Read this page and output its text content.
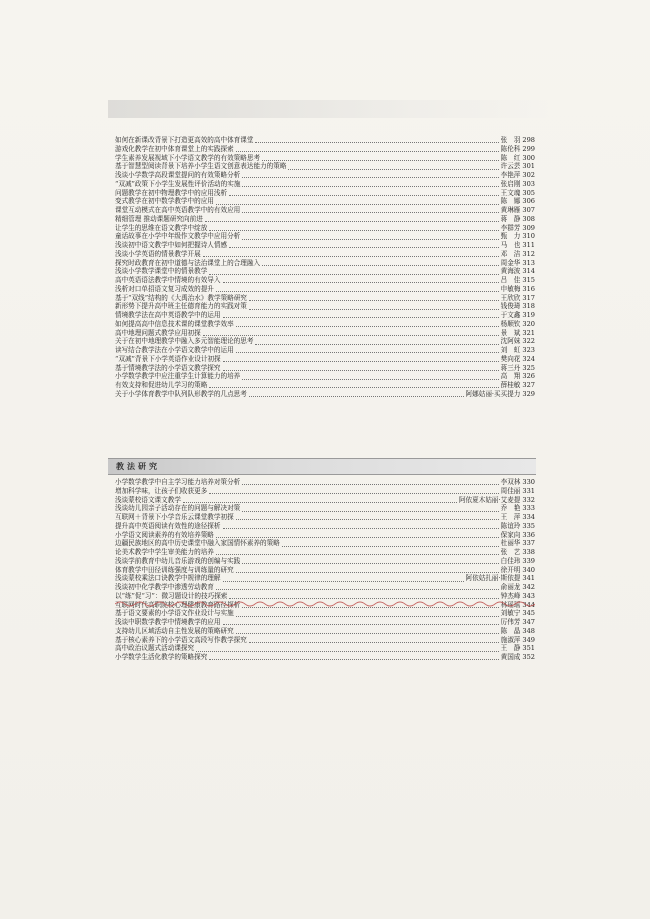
如何在新课改背景下打造更高效的高中体育课堂	张　羽 298
游戏化教学在初中体育课堂上的实践探索	陈伦科 299
学生素养发展视域下小学语文教学的有效策略思考	陈　红 300
基于智慧型阅读背景下培养小学生语文创意表达能力的策略	许云芸 301
浅谈小学数学高段课堂提问的有效策略分析	李艳萍 302
“双减”政策下小学生发展性评价活动的实施	张启刚 303
问题教学在初中物理教学中的应用浅析	王文魂 305
变式教学在初中数学教学中的应用	陈　娜 306
课堂互动模式在高中英语教学中的有效应用	黄琳雁 307
精细管理 推动课题研究向前进	蒋　静 308
让学生的思维在语文教学中绽放	李群芳 309
童话故事在小学中年级作文教学中应用分析	甄　力 310
浅谈初中语文教学中如何把握诗人情感	马　也 311
浅谈小学英语的情景教学开展	邓　洁 312
探究时政教育在初中道德与法治课堂上的合理融入	周金华 313
浅谈小学数学课堂中的情景教学	黄海波 314
高中英语语法教学中情境的有效导入	吕　佳 315
浅析对口单招语文复习成效的提升	申敏梅 316
基于“双线”结构的《大禹治水》教学策略研究	王欣欣 317
新形势下提升高中班主任德育能力的实践对策	钱俊琦 318
情境教学法在高中英语教学中的运用	于文鑫 319
如何提高高中信息技术课的课堂教学效率	杨顺钦 320
高中地理问题式教学应用初探	景　斌 321
关于在初中地理教学中融入多元智能理论的思考	沈阿妹 322
读写结合教学法在小学语文教学中的运用	刘　虹 323
“双减”背景下小学英语作业设计初探	樊向花 324
基于情境教学法的小学语文教学探究	蒋三丹 325
小学数学教学中应注重学生计算能力的培养	高　翔 326
有效支持和促进幼儿学习的策略	薛桂敏 327
关于小学体育教学中队列队形教学的几点思考	阿娜姑丽·买买提力 329
教法研究
小学数学教学中自主学习能力培养对策分析	李双林 330
增加科学味，让孩子们收获更多	周佳丽 331
浅谈蒙校语文课文教学	阿依夏木姑丽·艾麦提 332
浅谈幼儿园亲子活动存在的问题与解决对策	乔　艳 333
互联网＋背景下小学音乐云课堂教学初探	王　萍 334
提升高中英语阅读有效性的途径探析	陈谊玲 335
小学语文阅读素养的有效培养策略	保家向 336
边疆民族地区的高中历史课堂中融入家国情怀素养的策略	杜丽华 337
论美术教学中学生审美能力的培养	张　艺 338
浅谈学前教育中幼儿音乐游戏的创编与实践	白佳玮 339
体育教学中田径训练强度与训练量的研究	徐开明 340
浅谈蒙校乘法口诀教学中规律的理解	阿依姑扎丽·斯依提 341
浅谈初中化学教学中渗透劳动教育	俞丽龙 342
以“练”促“习”：微习题设计的技巧探索	钟杰峰 343
互联网时代高职院校心理健康教育路径探析	林瑶瑶 344
基于语文要素的小学语文作业设计与实施	刘敏宁 345
浅谈中职数学教学中情境教学的应用	厉伟芳 347
支持幼儿区域活动自主性发展的策略研究	陈　晶 348
基于核心素养下的小学语文高段写作教学探究	施淑萍 349
高中政治议题式活动课探究	王　静 351
小学数学生活化教学的策略探究	黄国成 352
